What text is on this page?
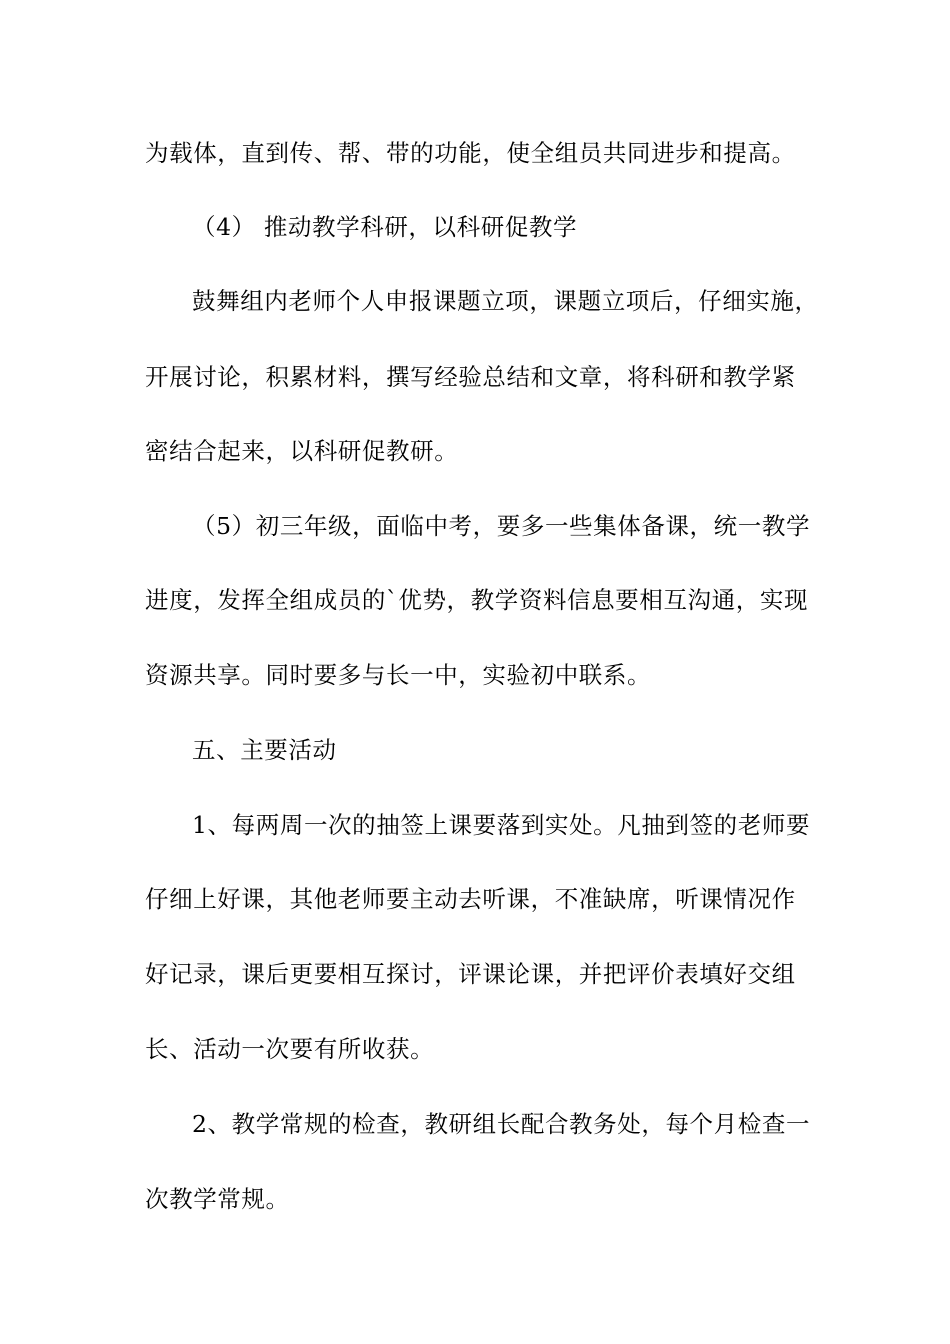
为载体，直到传、帮、带的功能，使全组员共同进步和提高。
（4） 推动教学科研，以科研促教学
鼓舞组内老师个人申报课题立项，课题立项后，仔细实施，
开展讨论，积累材料，撰写经验总结和文章，将科研和教学紧
密结合起来，以科研促教研。
（5）初三年级，面临中考，要多一些集体备课，统一教学
进度，发挥全组成员的`优势，教学资料信息要相互沟通，实现
资源共享。同时要多与长一中，实验初中联系。
五、主要活动
1、每两周一次的抽签上课要落到实处。凡抽到签的老师要
仔细上好课，其他老师要主动去听课，不准缺席，听课情况作
好记录，课后更要相互探讨，评课论课，并把评价表填好交组
长、活动一次要有所收获。
2、教学常规的检查，教研组长配合教务处，每个月检查一
次教学常规。
